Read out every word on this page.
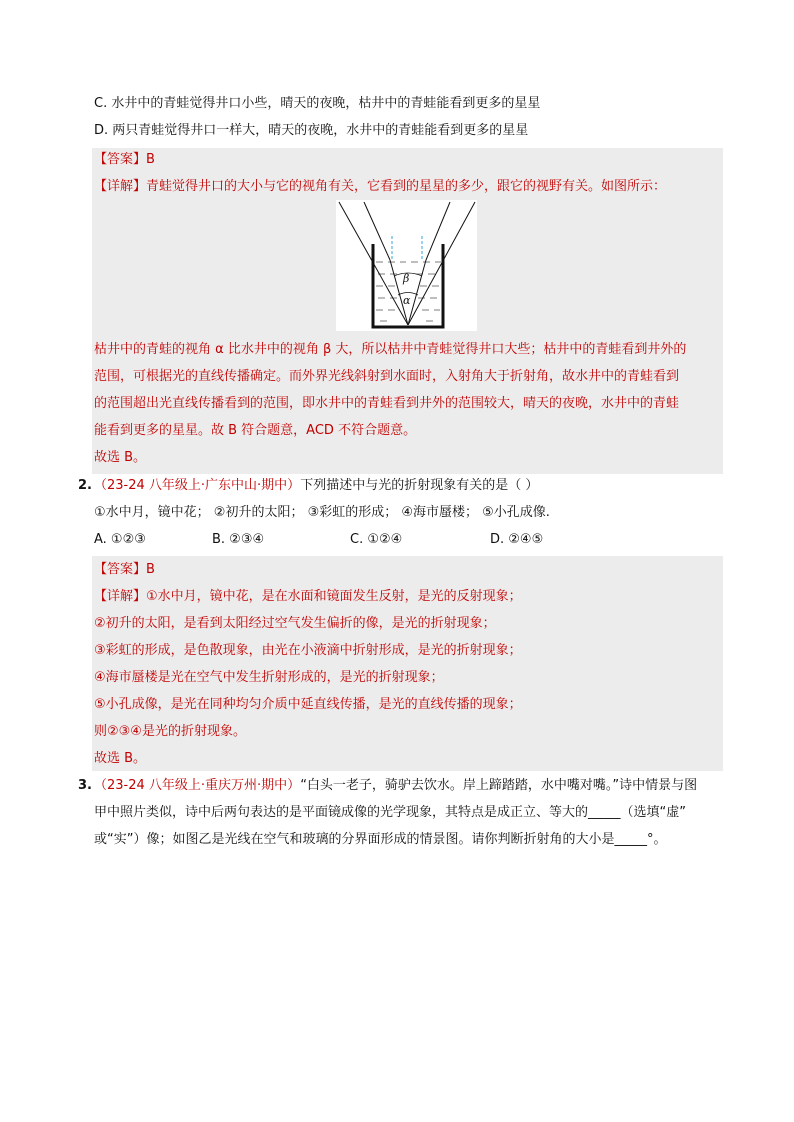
C. 水井中的青蛙觉得井口小些，晴天的夜晚，枯井中的青蛙能看到更多的星星
D. 两只青蛙觉得井口一样大，晴天的夜晚，水井中的青蛙能看到更多的星星
【答案】B
【详解】青蛙觉得井口的大小与它的视角有关，它看到的星星的多少，跟它的视野有关。如图所示：
β
α
枯井中的青蛙的视角 α 比水井中的视角 β 大，所以枯井中青蛙觉得井口大些；枯井中的青蛙看到井外的
范围，可根据光的直线传播确定。而外界光线斜射到水面时，入射角大于折射角，故水井中的青蛙看到
的范围超出光直线传播看到的范围，即水井中的青蛙看到井外的范围较大，晴天的夜晚，水井中的青蛙
能看到更多的星星。故 B 符合题意，ACD 不符合题意。
故选 B。
2. （23-24 八年级上·广东中山·期中）下列描述中与光的折射现象有关的是（ ）
①水中月，镜中花； ②初升的太阳； ③彩虹的形成； ④海市蜃楼； ⑤小孔成像.
A. ①②③	B. ②③④	C. ①②④	D. ②④⑤
【答案】B
【详解】①水中月，镜中花，是在水面和镜面发生反射，是光的反射现象；
②初升的太阳，是看到太阳经过空气发生偏折的像，是光的折射现象；
③彩虹的形成，是色散现象，由光在小液滴中折射形成，是光的折射现象；
④海市蜃楼是光在空气中发生折射形成的，是光的折射现象；
⑤小孔成像，是光在同种均匀介质中延直线传播，是光的直线传播的现象；
则②③④是光的折射现象。
故选 B。
3. （23-24 八年级上·重庆万州·期中）“白头一老子，骑驴去饮水。岸上蹄踏踏，水中嘴对嘴。”诗中情景与图
甲中照片类似，诗中后两句表达的是平面镜成像的光学现象，其特点是成正立、等大的_____（选填“虚”
或“实”）像；如图乙是光线在空气和玻璃的分界面形成的情景图。请你判断折射角的大小是_____°。
